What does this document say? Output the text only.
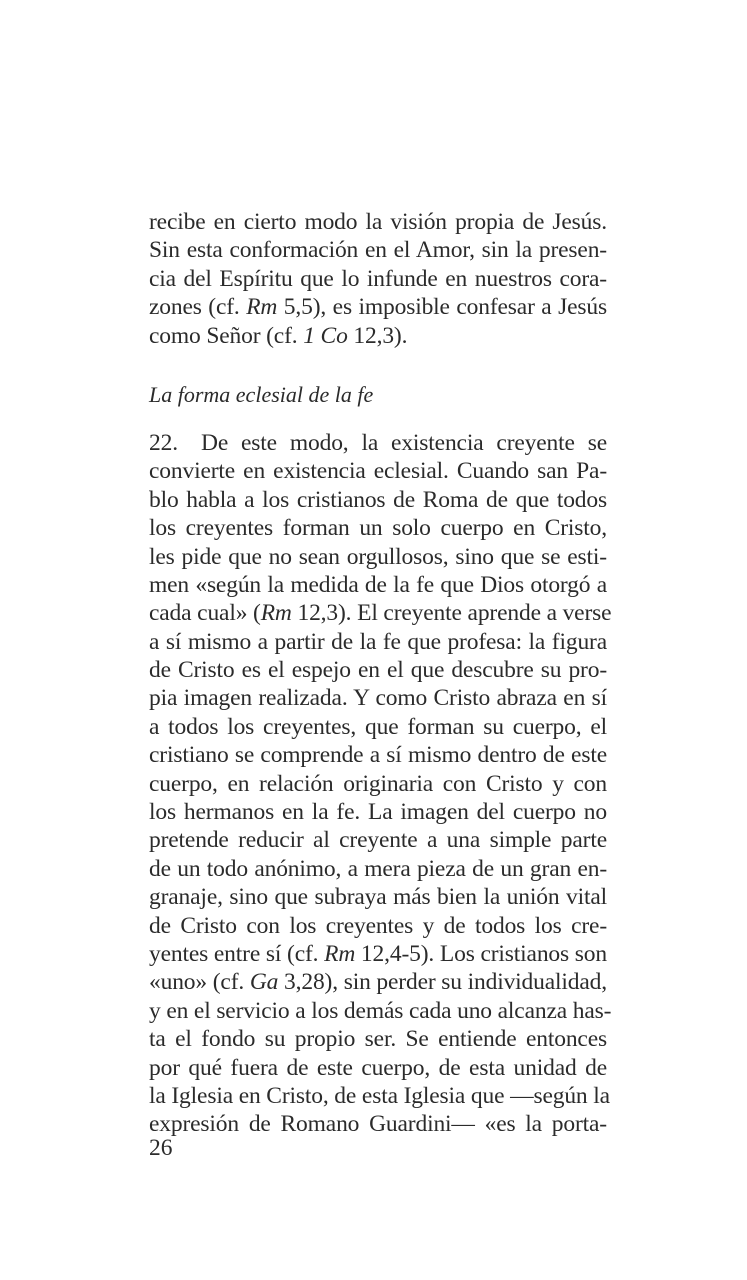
recibe en cierto modo la visión propia de Jesús.
Sin esta conformación en el Amor, sin la presen-
cia del Espíritu que lo infunde en nuestros cora-
zones (cf. Rm 5,5), es imposible confesar a Jesús
como Señor (cf. 1 Co 12,3).
La forma eclesial de la fe
22. De este modo, la existencia creyente se
convierte en existencia eclesial. Cuando san Pa-
blo habla a los cristianos de Roma de que todos
los creyentes forman un solo cuerpo en Cristo,
les pide que no sean orgullosos, sino que se esti-
men «según la medida de la fe que Dios otorgó a
cada cual» (Rm 12,3). El creyente aprende a verse
a sí mismo a partir de la fe que profesa: la figura
de Cristo es el espejo en el que descubre su pro-
pia imagen realizada. Y como Cristo abraza en sí
a todos los creyentes, que forman su cuerpo, el
cristiano se comprende a sí mismo dentro de este
cuerpo, en relación originaria con Cristo y con
los hermanos en la fe. La imagen del cuerpo no
pretende reducir al creyente a una simple parte
de un todo anónimo, a mera pieza de un gran en-
granaje, sino que subraya más bien la unión vital
de Cristo con los creyentes y de todos los cre-
yentes entre sí (cf. Rm 12,4-5). Los cristianos son
«uno» (cf. Ga 3,28), sin perder su individualidad,
y en el servicio a los demás cada uno alcanza has-
ta el fondo su propio ser. Se entiende entonces
por qué fuera de este cuerpo, de esta unidad de
la Iglesia en Cristo, de esta Iglesia que —según la
expresión de Romano Guardini— «es la porta-
26
